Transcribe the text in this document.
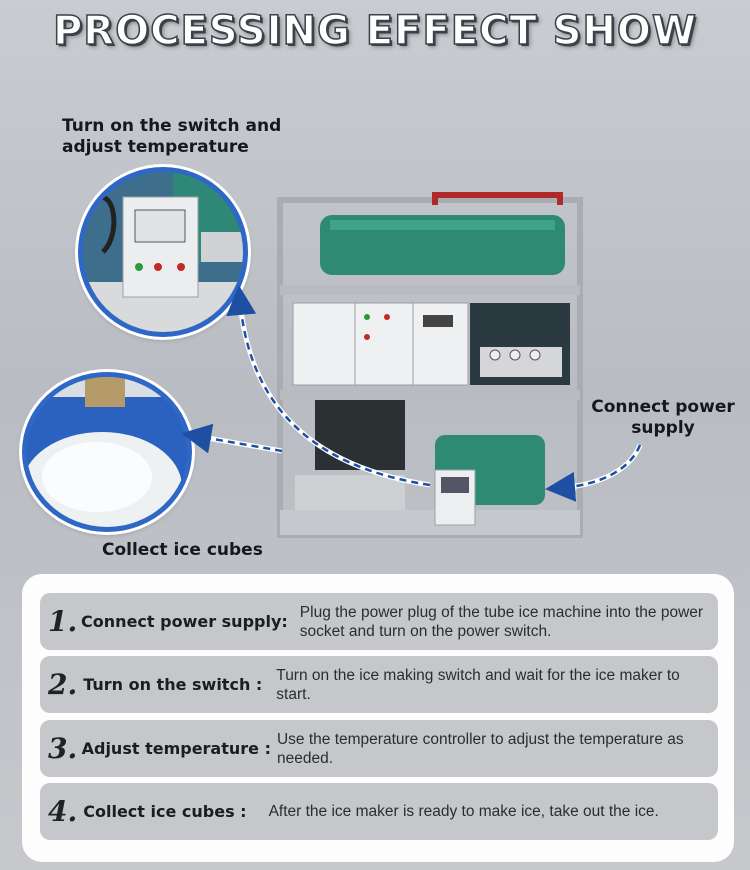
PROCESSING EFFECT SHOW
Turn on the switch and adjust temperature
Connect power supply
Collect ice cubes
1. Connect power supply: Plug the power plug of the tube ice machine into the power socket and turn on the power switch.
2. Turn on the switch : Turn on the ice making switch and wait for the ice maker to start.
3. Adjust temperature : Use the temperature controller to adjust the temperature as needed.
4. Collect ice cubes : After the ice maker is ready to make ice, take out the ice.
